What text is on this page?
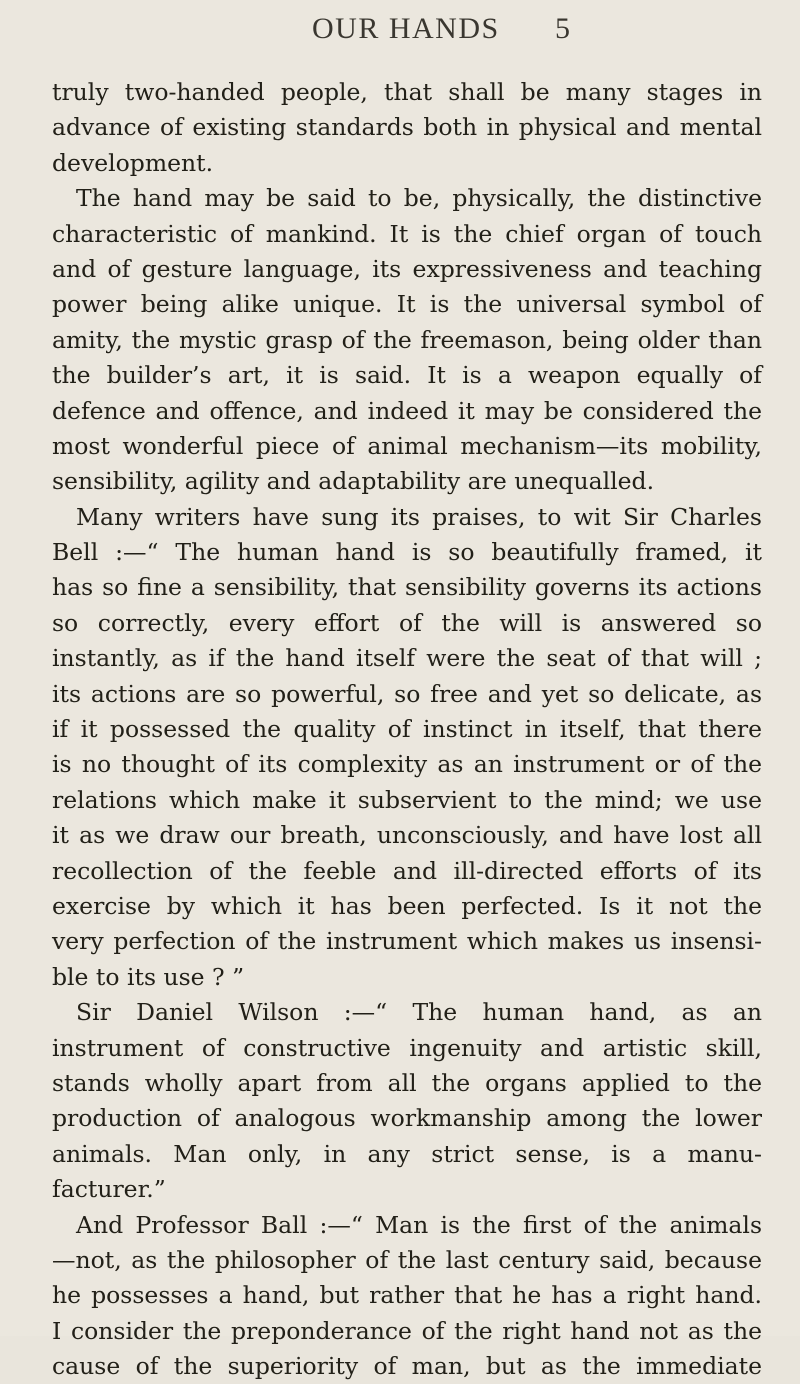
OUR HANDS 5
truly two-handed people, that shall be many stages in
advance of existing standards both in physical and mental
development.
The hand may be said to be, physically, the distinctive
characteristic of mankind. It is the chief organ of touch
and of gesture language, its expressiveness and teaching
power being alike unique. It is the universal symbol of
amity, the mystic grasp of the freemason, being older than
the builder’s art, it is said. It is a weapon equally of
defence and offence, and indeed it may be considered the
most wonderful piece of animal mechanism—its mobility,
sensibility, agility and adaptability are unequalled.
Many writers have sung its praises, to wit Sir Charles
Bell :—“ The human hand is so beautifully framed, it
has so fine a sensibility, that sensibility governs its actions
so correctly, every effort of the will is answered so
instantly, as if the hand itself were the seat of that will ;
its actions are so powerful, so free and yet so delicate, as
if it possessed the quality of instinct in itself, that there
is no thought of its complexity as an instrument or of the
relations which make it subservient to the mind; we use
it as we draw our breath, unconsciously, and have lost all
recollection of the feeble and ill-directed efforts of its
exercise by which it has been perfected. Is it not the
very perfection of the instrument which makes us insensi-
ble to its use ? ”
Sir Daniel Wilson :—“ The human hand, as an
instrument of constructive ingenuity and artistic skill,
stands wholly apart from all the organs applied to the
production of analogous workmanship among the lower
animals. Man only, in any strict sense, is a manu-
facturer.”
And Professor Ball :—“ Man is the first of the animals
—not, as the philosopher of the last century said, because
he possesses a hand, but rather that he has a right hand.
I consider the preponderance of the right hand not as the
cause of the superiority of man, but as the immediate
